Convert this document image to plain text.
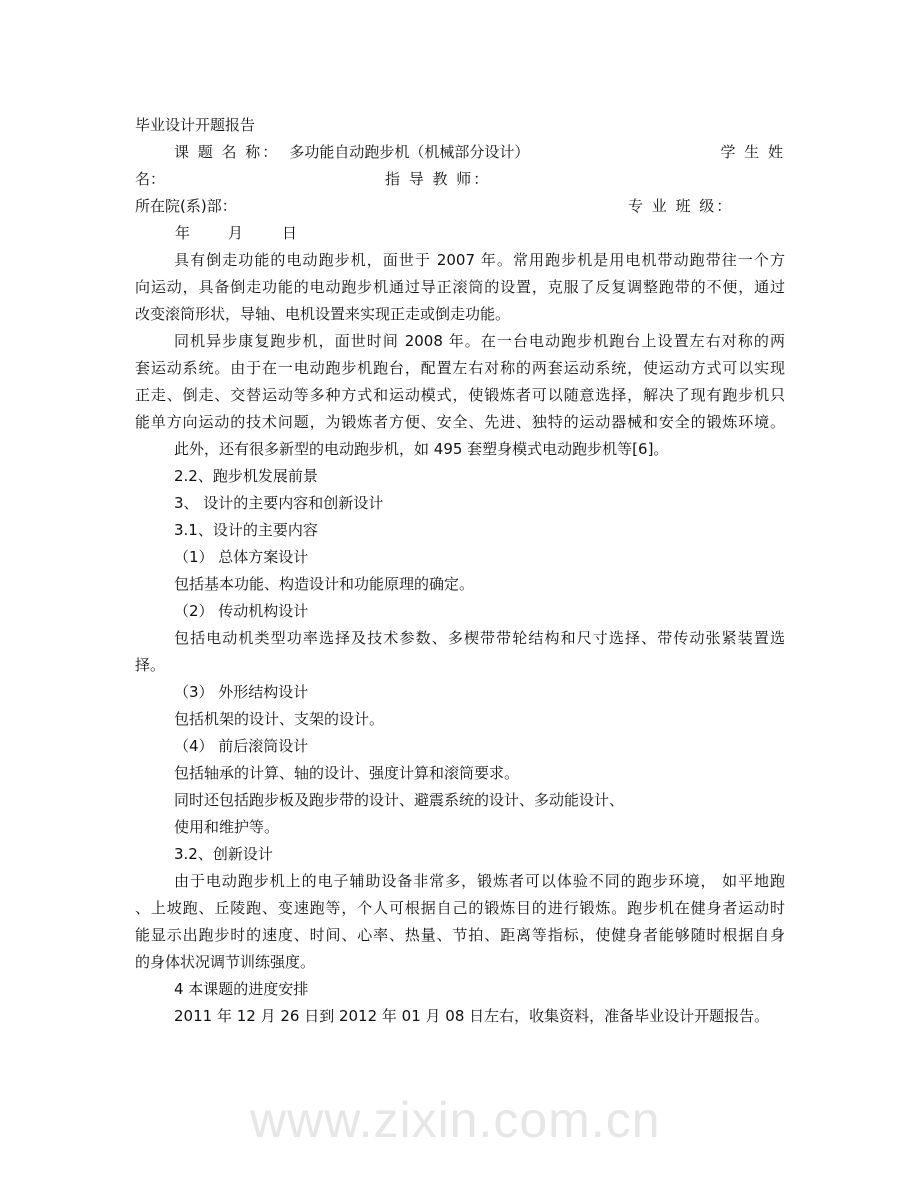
www.zixin.com.cn
毕业设计开题报告
课 题 名 称： 多功能自动跑步机（机械部分设计）	学 生 姓
名：	指 导 教 师：
所在院(系)部：	专 业 班 级：
年	月	日
具有倒走功能的电动跑步机，面世于 2007 年。常用跑步机是用电机带动跑带往一个方
向运动，具备倒走功能的电动跑步机通过导正滚筒的设置，克服了反复调整跑带的不便，通过
改变滚筒形状，导轴、电机设置来实现正走或倒走功能。
同机异步康复跑步机，面世时间 2008 年。在一台电动跑步机跑台上设置左右对称的两
套运动系统。由于在一电动跑步机跑台，配置左右对称的两套运动系统，使运动方式可以实现
正走、倒走、交替运动等多种方式和运动模式，使锻炼者可以随意选择，解决了现有跑步机只
能单方向运动的技术问题，为锻炼者方便、安全、先进、独特的运动器械和安全的锻炼环境。
此外，还有很多新型的电动跑步机，如 495 套塑身模式电动跑步机等[6]。
2.2、跑步机发展前景
3、 设计的主要内容和创新设计
3.1、设计的主要内容
（1） 总体方案设计
包括基本功能、构造设计和功能原理的确定。
（2） 传动机构设计
包括电动机类型功率选择及技术参数、多楔带带轮结构和尺寸选择、带传动张紧装置选
择。
（3） 外形结构设计
包括机架的设计、支架的设计。
（4） 前后滚筒设计
包括轴承的计算、轴的设计、强度计算和滚筒要求。
同时还包括跑步板及跑步带的设计、避震系统的设计、多动能设计、
使用和维护等。
3.2、创新设计
由于电动跑步机上的电子辅助设备非常多，锻炼者可以体验不同的跑步环境， 如平地跑
、上坡跑、丘陵跑、变速跑等，个人可根据自己的锻炼目的进行锻炼。跑步机在健身者运动时
能显示出跑步时的速度、时间、心率、热量、节拍、距离等指标，使健身者能够随时根据自身
的身体状况调节训练强度。
4 本课题的进度安排
2011 年 12 月 26 日到 2012 年 01 月 08 日左右，收集资料，准备毕业设计开题报告。
